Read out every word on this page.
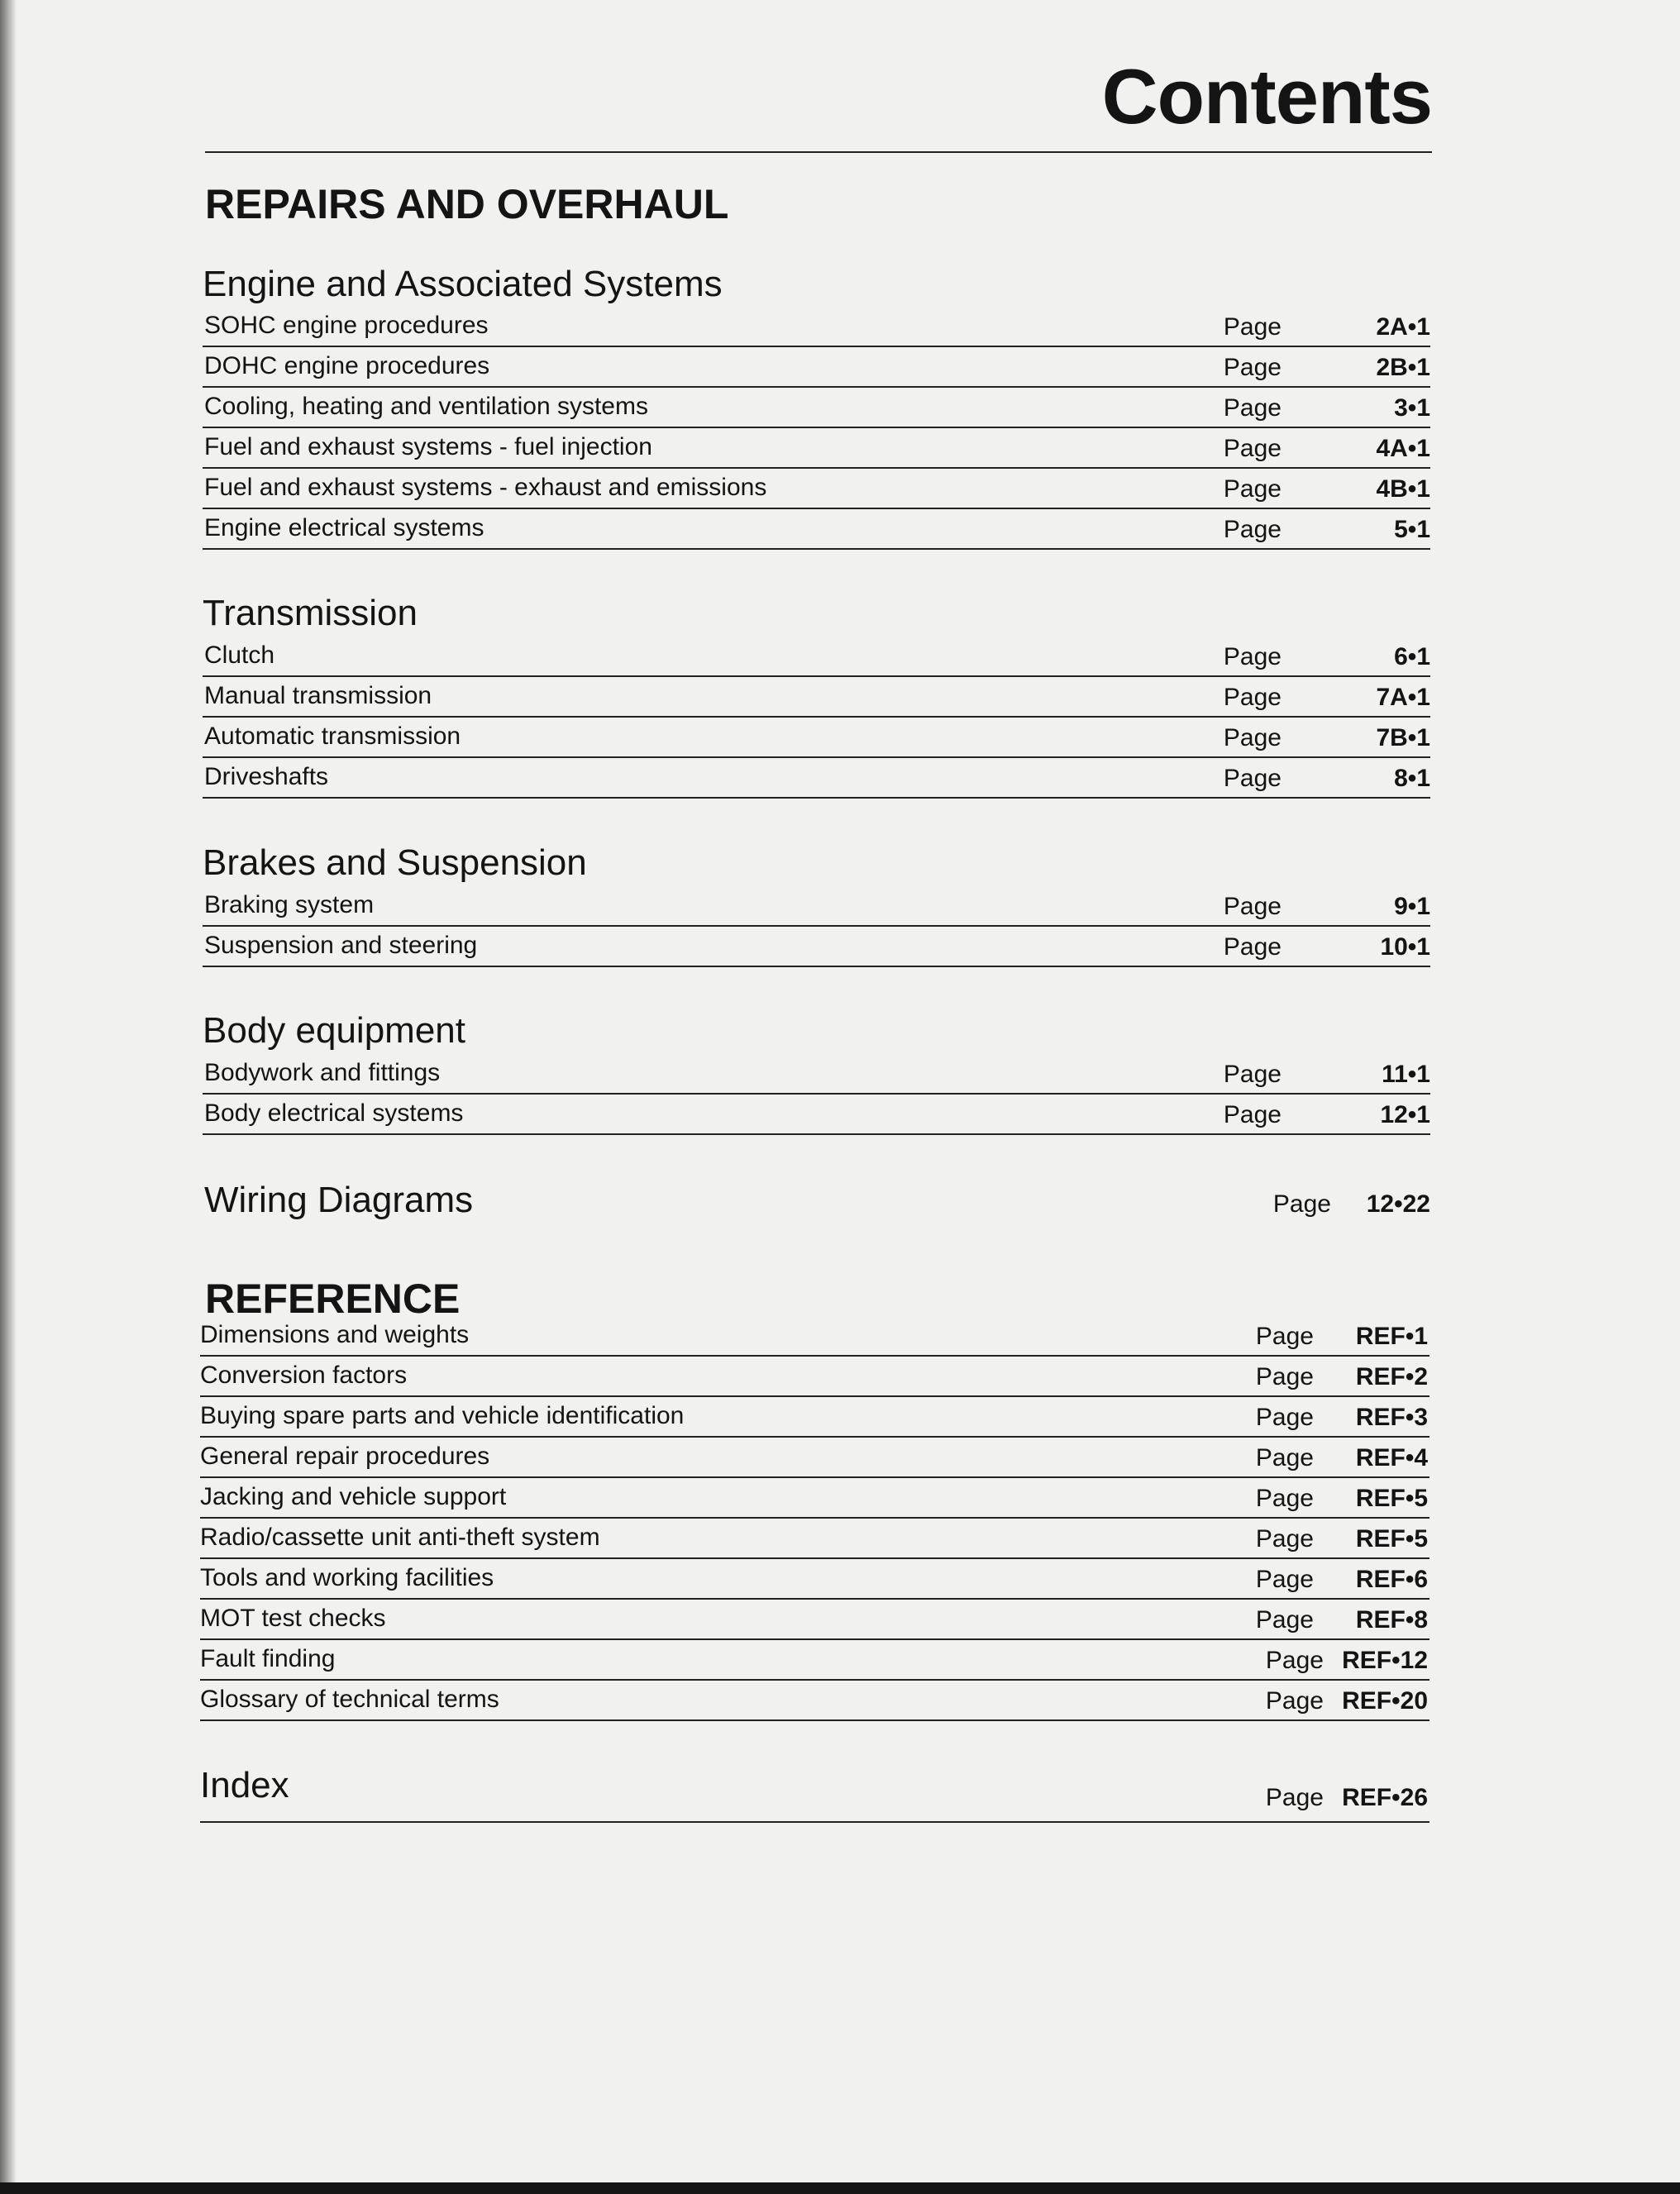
Contents
REPAIRS AND OVERHAUL
Engine and Associated Systems
SOHC engine procedures	Page	2A•1
DOHC engine procedures	Page	2B•1
Cooling, heating and ventilation systems	Page	3•1
Fuel and exhaust systems - fuel injection	Page	4A•1
Fuel and exhaust systems - exhaust and emissions	Page	4B•1
Engine electrical systems	Page	5•1
Transmission
Clutch	Page	6•1
Manual transmission	Page	7A•1
Automatic transmission	Page	7B•1
Driveshafts	Page	8•1
Brakes and Suspension
Braking system	Page	9•1
Suspension and steering	Page	10•1
Body equipment
Bodywork and fittings	Page	11•1
Body electrical systems	Page	12•1
Wiring Diagrams	Page 12•22
REFERENCE
Dimensions and weights	Page REF•1
Conversion factors	Page REF•2
Buying spare parts and vehicle identification	Page REF•3
General repair procedures	Page REF•4
Jacking and vehicle support	Page REF•5
Radio/cassette unit anti-theft system	Page REF•5
Tools and working facilities	Page REF•6
MOT test checks	Page REF•8
Fault finding	Page REF•12
Glossary of technical terms	Page REF•20
Index	Page REF•26
